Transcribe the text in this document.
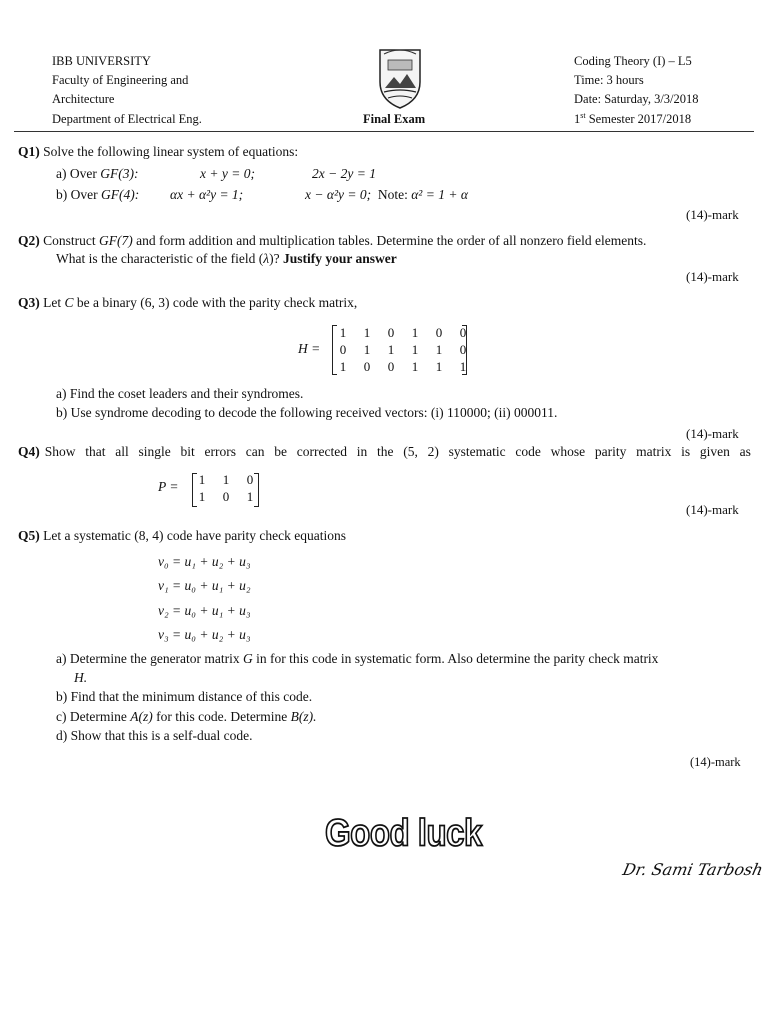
IBB UNIVERSITY
Faculty of Engineering and
Architecture
Department of Electrical Eng.	Final Exam
Coding Theory (I) – L5
Time: 3 hours
Date: Saturday, 3/3/2018
1st Semester 2017/2018
Q1) Solve the following linear system of equations:
a) Over GF(3):	x + y = 0;	2x − 2y = 1
b) Over GF(4): αx + α²y = 1;	x − α²y = 0; Note: α² = 1 + α
(14)-mark
Q2) Construct GF(7) and form addition and multiplication tables. Determine the order of all nonzero field elements.
What is the characteristic of the field (λ)? Justify your answer
(14)-mark
Q3) Let C be a binary (6, 3) code with the parity check matrix,
H =
1 1 0 1 0 0
0 1 1 1 1 0
1 0 0 1 1 1
a) Find the coset leaders and their syndromes.
b) Use syndrome decoding to decode the following received vectors: (i) 110000; (ii) 000011.
(14)-mark
Q4) Show that all single bit errors can be corrected in the (5, 2) systematic code whose parity matrix is given as
P = 1 1 0
1 0 1
(14)-mark
Q5) Let a systematic (8, 4) code have parity check equations
v₀ = u₁ + u₂ + u₃
v₁ = u₀ + u₁ + u₂
v₂ = u₀ + u₁ + u₃
v₃ = u₀ + u₂ + u₃
a) Determine the generator matrix G in for this code in systematic form. Also determine the parity check matrix
H.
b) Find that the minimum distance of this code.
c) Determine A(z) for this code. Determine B(z).
d) Show that this is a self-dual code.
(14)-mark
Good luck
Dr. Sami Tarbosh
